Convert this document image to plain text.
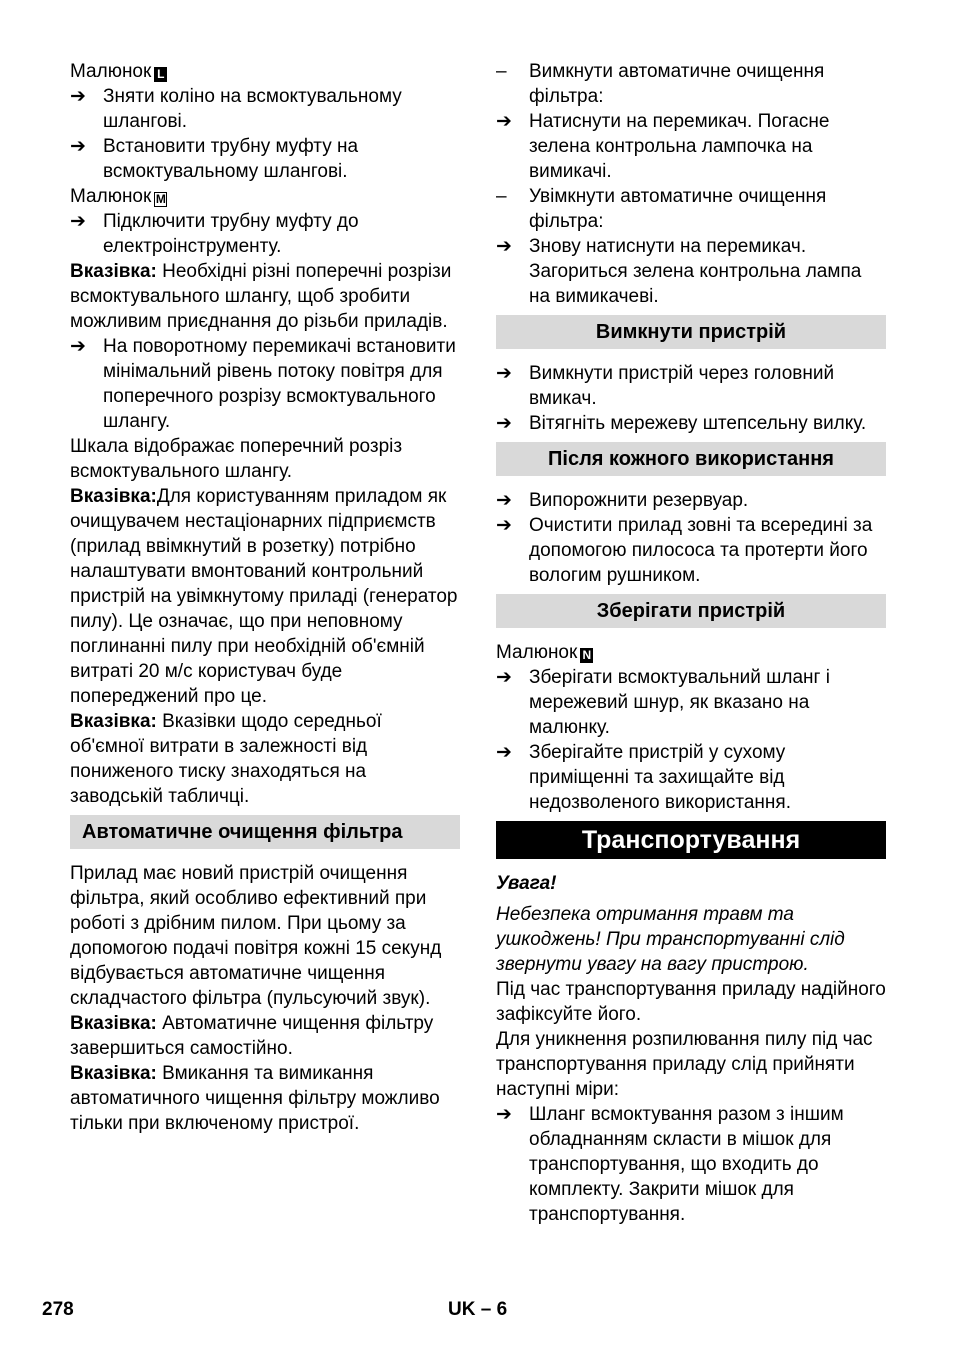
Малюнок L

➔ Зняти коліно на всмоктувальному шлангові.

➔ Встановити трубну муфту на всмоктувальному шлангові.

Малюнок M

➔ Підключити трубну муфту до електроінструменту.

Вказівка: Необхідні різні поперечні розрізи всмоктувального шлангу, щоб зробити можливим приєднання до різьби приладів.

➔ На поворотному перемикачі встановити мінімальний рівень потоку повітря для поперечного розрізу всмоктувального шлангу.

Шкала відображає поперечний розріз всмоктувального шлангу.

Вказівка:Для користуванням приладом як очищувачем нестаціонарних підприємств (прилад ввімкнутий в розетку) потрібно налаштувати вмонтований контрольний пристрій на увімкнутому приладі (генератор пилу). Це означає, що при неповному поглинанні пилу при необхідній об'ємній витраті 20 м/с користувач буде попереджений про це.

Вказівка: Вказівки щодо середньої об'ємної витрати в залежності від пониженого тиску знаходяться на заводській табличці.

Автоматичне очищення фільтра

Прилад має новий пристрій очищення фільтра, який особливо ефективний при роботі з дрібним пилом. При цьому за допомогою подачі повітря кожні 15 секунд відбувається автоматичне чищення складчастого фільтра (пульсуючий звук).

Вказівка: Автоматичне чищення фільтру завершиться самостійно.

Вказівка: Вмикання та вимикання автоматичного чищення фільтру можливо тільки при включеному пристрої.

–	Вимкнути автоматичне очищення фільтра:

➔ Натиснути на перемикач. Погасне зелена контрольна лампочка на вимикачі.

–	Увімкнути автоматичне очищення фільтра:

➔ Знову натиснути на перемикач. Загориться зелена контрольна лампа на вимикачеві.

Вимкнути пристрій

➔ Вимкнути пристрій через головний вмикач.

➔ Вітягніть мережеву штепсельну вилку.

Після кожного використання

➔ Випорожнити резервуар.

➔ Очистити прилад зовні та всередині за допомогою пилососа та протерти його вологим рушником.

Зберігати пристрій

Малюнок N

➔ Зберігати всмоктувальний шланг і мережевий шнур, як вказано на малюнку.

➔ Зберігайте пристрій у сухому приміщенні та захищайте від недозволеного використання.

Транспортування

Увага!

Небезпека отримання травм та ушкоджень! При транспортуванні слід звернути увагу на вагу пристрою.

Під час транспортування приладу надійного зафіксуйте його.

Для уникнення розпилювання пилу під час транспортування приладу слід прийняти наступні міри:

➔ Шланг всмоктування разом з іншим обладнанням скласти в мішок для транспортування, що входить до комплекту. Закрити мішок для транспортування.

278	UK – 6
